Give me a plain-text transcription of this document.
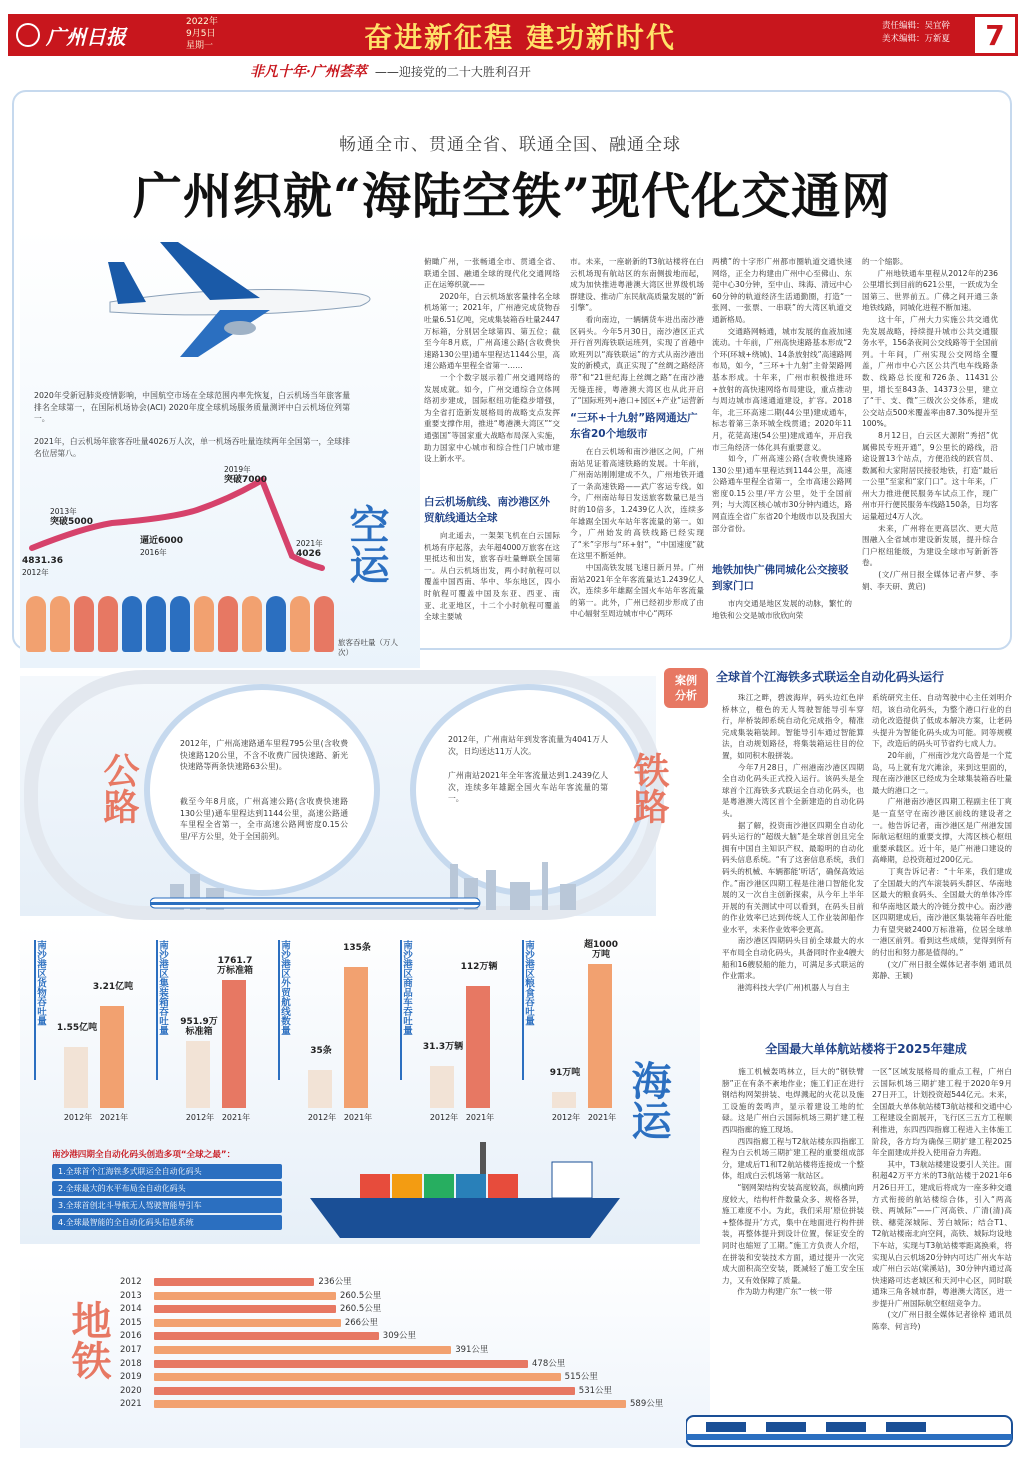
广州日报
2022年
9月5日
星期一	奋进新征程 建功新时代	责任编辑：吴宜幹
美术编辑：万新夏	7
非凡十年·广州荟萃 ——迎接党的二十大胜利召开
畅通全市、贯通全省、联通全国、融通全球
广州织就“海陆空铁”现代化交通网
2020年受新冠肺炎疫情影响，中国航空市场在全球范围内率先恢复，白云机场当年旅客量排名全球第一，在国际机场协会(ACI) 2020年度全球机场服务质量测评中白云机场位列第一。
2021年，白云机场年旅客吞吐量4026万人次，单一机场吞吐量连续两年全国第一，全球排名位居第八。
4831.36
2012年
2013年
突破5000
逼近6000
2016年
2019年
突破7000
2021年
4026
旅客吞吐量（万人次）
空运
俯瞰广州，一张畅通全市、贯通全省、联通全国、融通全球的现代化交通网络正在运筹织就——
　　2020年，白云机场旅客量排名全球机场第一；2021年，广州港完成货物吞吐量6.51亿吨，完成集装箱吞吐量2447万标箱，分别居全球第四、第五位；截至今年8月底，广州高速公路(含收费快速路130公里)通车里程达1144公里，高速公路通车里程全省第一……
　　一个个数字展示着广州交通网络的发展成就。如今，广州交通综合立体网络初步建成，国际枢纽功能稳步增强，为全省打造新发展格局的战略支点发挥重要支撑作用，推进“粤港澳大湾区”“交通强国”等国家重大战略布局深入实施，助力国家中心城市和综合性门户城市建设上新水平。
白云机场航线、南沙港区外贸航线通达全球
　　向北遥去，一架架飞机在白云国际机场有序起落，去年超4000万旅客在这里抵达和出发，旅客吞吐量蝉联全国第一。从白云机场出发，两小时航程可以覆盖中国西南、华中、华东地区，四小时航程可覆盖中国及东亚、西亚、南亚、北亚地区，十二个小时航程可覆盖全球主要城
市。未来，一座崭新的T3航站楼将在白云机场现有航站区的东南侧拔地而起，成为加快推进粤港澳大湾区世界级机场群建设、推动广东民航高质量发展的“新引擎”。
　　看向南边，一辆辆货车进出南沙港区码头。今年5月30日，南沙港区正式开行首列海铁联运班列，实现了首趟中欧班列以“海铁联运”的方式从南沙港出发的新模式，真正实现了“丝绸之路经济带”和“21世纪海上丝绸之路”在南沙港无缝连接，粤港澳大湾区也从此开启了“国际班列+港口+园区+产业”运营新
“三环+十九射”路网通达广东省20个地级市
　　在白云机场和南沙港区之间，广州南站见证着高速铁路的发展。十年前，广州南站刚刚建成不久，广州地铁开通了一条高速铁路——武广客运专线。如今，广州南站每日发送旅客数量已是当时的10倍多，1.2439亿人次，连续多年雄踞全国火车站年客流量的第一。如今，广州始发的高铁线路已经实现了“米”字形与“环+射”，“中国速度”就在这里不断延伸。
　　中国高铁发展飞速日新月异。广州南站2021年全年客流量达1.2439亿人次，连续多年雄踞全国火车站年客流量的第一。此外，广州已经初步形成了由中心辐射至周边城市中心“两环
两横”的十字形广州都市圈轨道交通快速网络，正全力构建由广州中心至佛山、东莞中心30分钟，至中山、珠海、清远中心60分钟的轨道经济生活通勤圈，打造“一张网、一张票、一串联”的大湾区轨道交通新格局。
　　交通路网畅通，城市发展的血液加速流动。十年前，广州高快速路基本形成“2个环(环城+绕城)、14条放射线”高速路网布局，如今，“三环+十九射”主骨架路网基本形成。十年来，广州市积极推进环+放射的高快速网络布局建设，重点推动与周边城市高速通道建设，扩容。2018年，北三环高速二期(44公里)建成通车，标志着第三条环城全线贯通；2020年11月，花莞高速(54公里)建成通车，开启我市三角经济一体化具有重要意义。
　　如今，广州高速公路(含收费快速路130公里)通车里程达到1144公里，高速公路通车里程全省第一，全市高速公路网密度0.15公里/平方公里，处于全国前列；与大湾区核心城市30分钟内通达，路网直连全省广东省20个地级市以及我国大部分省份。
地铁加快广佛同城化公交接驳到家门口
　　市内交通是地区发展的动脉，繁忙的地铁和公交是城市欣欣向荣
的一个缩影。
　　广州地铁通车里程从2012年的236公里增长到目前的621公里，一跃成为全国第三、世界前五。广佛之间开通三条地铁线路，同城化进程不断加速。
　　这十年，广州大力实施公共交通优先发展战略，持续提升城市公共交通服务水平，156条夜间公交线路等于全国前列。十年间，广州实现公交网络全覆盖，广州市中心六区公共汽电车线路条数、线路总长度和726条、11431公里，增长至843条、14373公里，建立了“干、支、微”三级次公交体系，建成公交站点500米覆盖率由87.30%提升至100%。
　　8月12日，白云区大源附“秀招”优属佛民专班开通”，9公里长的路线，沿途设置13个站点，方便沿线的跃官员、数属和大家附居民接驳地铁，打造“最后一公里”至家和“家门口”。这十年来，广州大力推进便民服务车试点工作，现广州市开行便民服务车线路150条，日均客运量超过4万人次。
　　未来，广州将在更高层次、更大范围融入全省域市建设新发展，提升综合门户枢纽能级，为建设全球市写新新答卷。
　　(文/广州日报全媒体记者卢梦、李娟、李天研、黄启)
2012年，广州高速路通车里程795公里(含收费快速路120公里，不含不收费广园快速路、新光快速路等两条快速路63公里)。
截至今年8月底，广州高速公路(含收费快速路130公里)通车里程达到1144公里，高速公路通车里程全省第一，全市高速公路网密度0.15公里/平方公里，处于全国前列。
2012年，广州南站年到发客流量为4041万人次，日均送达11万人次。
广州南站2021年全年客流量达到1.2439亿人次，连续多年雄踞全国火车站年客流量的第一。
公路	铁路
案例分析
全球首个江海铁多式联运全自动化码头运行
　　珠江之畔，碧波海岸，码头边红色岸桥林立，橙色的无人驾驶智能导引车穿行，岸桥装卸系统自动化完成指令，精准完成集装箱装卸。智能导引车通过智能算法，自动规划路径，将集装箱运往目的位置，如同积木般拼装。
　　今年7月28日，广州港南沙港区四期全自动化码头正式投入运行。该码头是全球首个江海铁多式联运全自动化码头，也是粤港澳大湾区首个全新建造的自动化码头。
　　据了解，投资南沙港区四期全自动化码头运行的“超级大脑”是全球首创且完全拥有中国自主知识产权、最聪明的自动化码头信息系统。“有了这套信息系统，我们码头的机械、车辆都能‘听话’，确保高效运作。”南沙港区四期工程是往港口智能化发展的又一次自主创新探索，从今年上半年开展的有关测试中可以看到，在码头目前的作业效率已达到传统人工作业装卸船作业水平，未来作业效率会更高。
　　南沙港区四期码头目前全球最大的水平布局全自动化码头，具备同时作业4艘大船和16艘驳船的能力，可满足多式联运的作业需求。
　　港湾科技大学(广州)机器人与自主
系统研究主任、自动驾驶中心主任刘明介绍，该自动化码头，为整个港口行业的自动化改造提供了低成本解决方案，让老码头提升为智能化码头成为可能。同等规模下，改造后的码头可节省约七成人力。
　　20年前，广州南沙龙穴岛曾是一个荒岛，马上就有龙穴滩涂，来到这里面的，现在南沙港区已经成为全球集装箱吞吐量最大的港口之一。
　　广州港南沙港区四期工程副主任丁爽是一直坚守在南沙港区前线的建设者之一。他告诉记者，南沙港区是广州港发国际航运枢纽的重要支撑，大湾区核心枢纽重要承载区。近十年，是广州港口建设的高峰期，总投资超过200亿元。
　　丁爽告诉记者：“十年来，我们建成了全国最大的汽车滚装码头群区、华南地区最大的粮食码头、全国最大的单体冷库和华南地区最大的冷链分拨中心。南沙港区四期建成后，南沙港区集装箱年吞吐能力有望突破2400万标准箱，位居全球单一港区前列。看到这些成绩，觉得到所有的付出和努力都是值得的。”
　　(文/广州日报全媒体记者李娟 通讯员郑静、王颖)
南沙港区货物吞吐量
1.55亿吨
2012年
3.21亿吨
2021年
南沙港区集装箱吞吐量 951.9万标准箱
2012年
1761.7万标准箱
2021年
南沙港区外贸航线数量
35条
2012年
135条
2021年
南沙港区商品车吞吐量
31.3万辆
2012年
112万辆
2021年
南沙港区粮食吞吐量
91万吨
2012年
超1000万吨
2021年 海运
南沙港四期全自动化码头创造多项“全球之最”：
1.全球首个江海铁多式联运全自动化码头
2.全球最大的水平布局全自动化码头
3.全球首创北斗导航无人驾驶智能导引车
4.全球最智能的全自动化码头信息系统
全国最大单体航站楼将于2025年建成
　　施工机械轰鸣林立，巨大的“钢铁臂膀”正在有条不紊地作业；施工们正在进行钢结构网架拼装、电焊溅起的火花以及施工设施的轰鸣声，显示着建设工地的忙碌。这是广州白云国际机场三期扩建工程西四指廊的施工现场。
　　西四指廊工程与T2航站楼东四指廊工程为白云机场三期扩建工程的重要组成部分，建成后T1和T2航站楼将连接成一个整体，组成白云机场第一航站区。
　　“钢网架结构安装高度较高，纵横向跨度较大，结构杆件数量众多、规格各异，施工难度不小。为此，我们采用‘原位拼装+整体提升’方式，集中在地面进行构件拼装，再整体提升到设计位置，保证安全的同时也缩短了工期。”施工方负责人介绍，在拼装和安装技术方面，通过提升一次完成大面积高空安装，既减轻了施工安全压力，又有效保障了质量。
　　作为助力构建广东“一核一带
一区”区域发展格局的重点工程，广州白云国际机场三期扩建工程于2020年9月27日开工，计划投资超544亿元。未来，全国最大单体航站楼T3航站楼和交通中心工程建设全面展开，飞行区三五方工程顺利推进，东四西四指廊工程进入主体施工阶段，各方均为确保三期扩建工程2025年全面建成并投入使用奋力奔跑。
　　其中，T3航站楼建设要引人关注。面积超42万平方米的T3航站楼于2021年6月26日开工，建成后将成为一座多种交通方式衔接的航站楼综合体，引入“两高铁、两城际”——广河高铁、广清(清)高铁、穗莞深城际、芳白城际；结合T1、T2航站楼南北向空间，高铁、城际均设地下车站，实现与T3航站楼零距离换乘，将实现从白云机场20分钟内可达广州火车站或广州白云站(棠溪站)，30分钟内通过高快速路可达老城区和天河中心区，同时联通珠三角各城市群，粤港澳大湾区，进一步提升广州国际航空枢纽竞争力。
　　(文/广州日报全媒体记者徐梓 通讯员 陈奉、何言玲)
地铁
2012	236公里
2013	260.5公里
2014	260.5公里
2015	266公里
2016	309公里
2017	391公里
2018	478公里
2019	515公里
2020	531公里
2021	589公里
